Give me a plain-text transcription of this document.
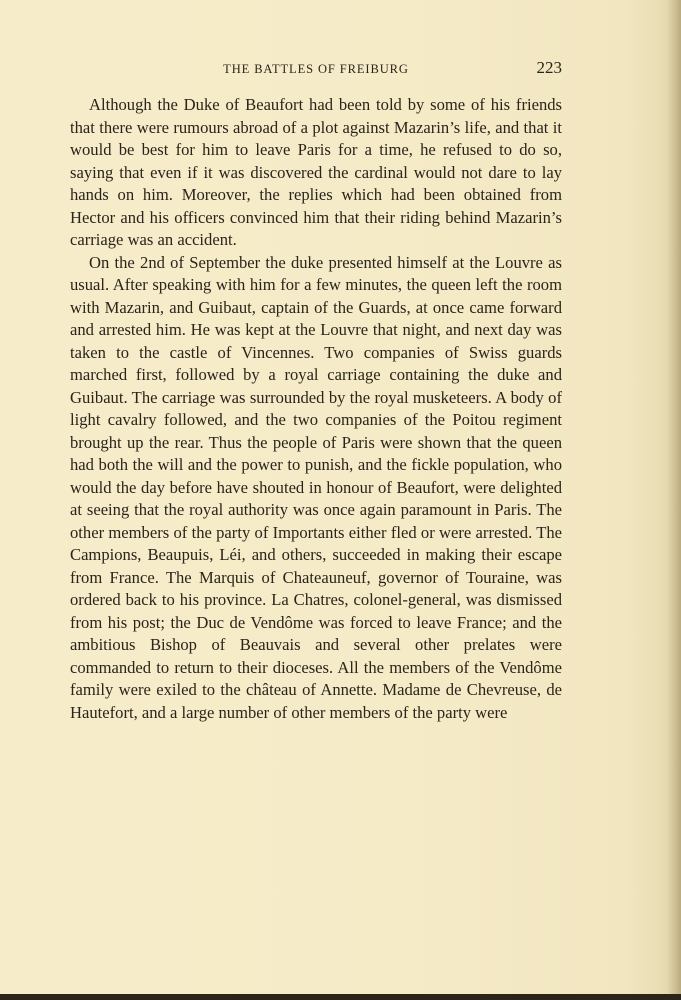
THE BATTLES OF FREIBURG	223

Although the Duke of Beaufort had been told by some of his friends that there were rumours abroad of a plot against Mazarin’s life, and that it would be best for him to leave Paris for a time, he refused to do so, saying that even if it was discovered the cardinal would not dare to lay hands on him. Moreover, the replies which had been obtained from Hector and his officers convinced him that their riding behind Mazarin’s carriage was an accident.

On the 2nd of September the duke presented himself at the Louvre as usual. After speaking with him for a few minutes, the queen left the room with Mazarin, and Guibaut, captain of the Guards, at once came forward and arrested him. He was kept at the Louvre that night, and next day was taken to the castle of Vincennes. Two companies of Swiss guards marched first, followed by a royal carriage containing the duke and Guibaut. The carriage was surrounded by the royal musketeers. A body of light cavalry followed, and the two companies of the Poitou regiment brought up the rear. Thus the people of Paris were shown that the queen had both the will and the power to punish, and the fickle population, who would the day before have shouted in honour of Beaufort, were delighted at seeing that the royal authority was once again paramount in Paris. The other members of the party of Importants either fled or were arrested. The Campions, Beaupuis, Léi, and others, succeeded in making their escape from France. The Marquis of Chateauneuf, governor of Touraine, was ordered back to his province. La Chatres, colonel-general, was dismissed from his post; the Duc de Vendôme was forced to leave France; and the ambitious Bishop of Beauvais and several other prelates were commanded to return to their dioceses. All the members of the Vendôme family were exiled to the château of Annette. Madame de Chevreuse, de Hautefort, and a large number of other members of the party were
